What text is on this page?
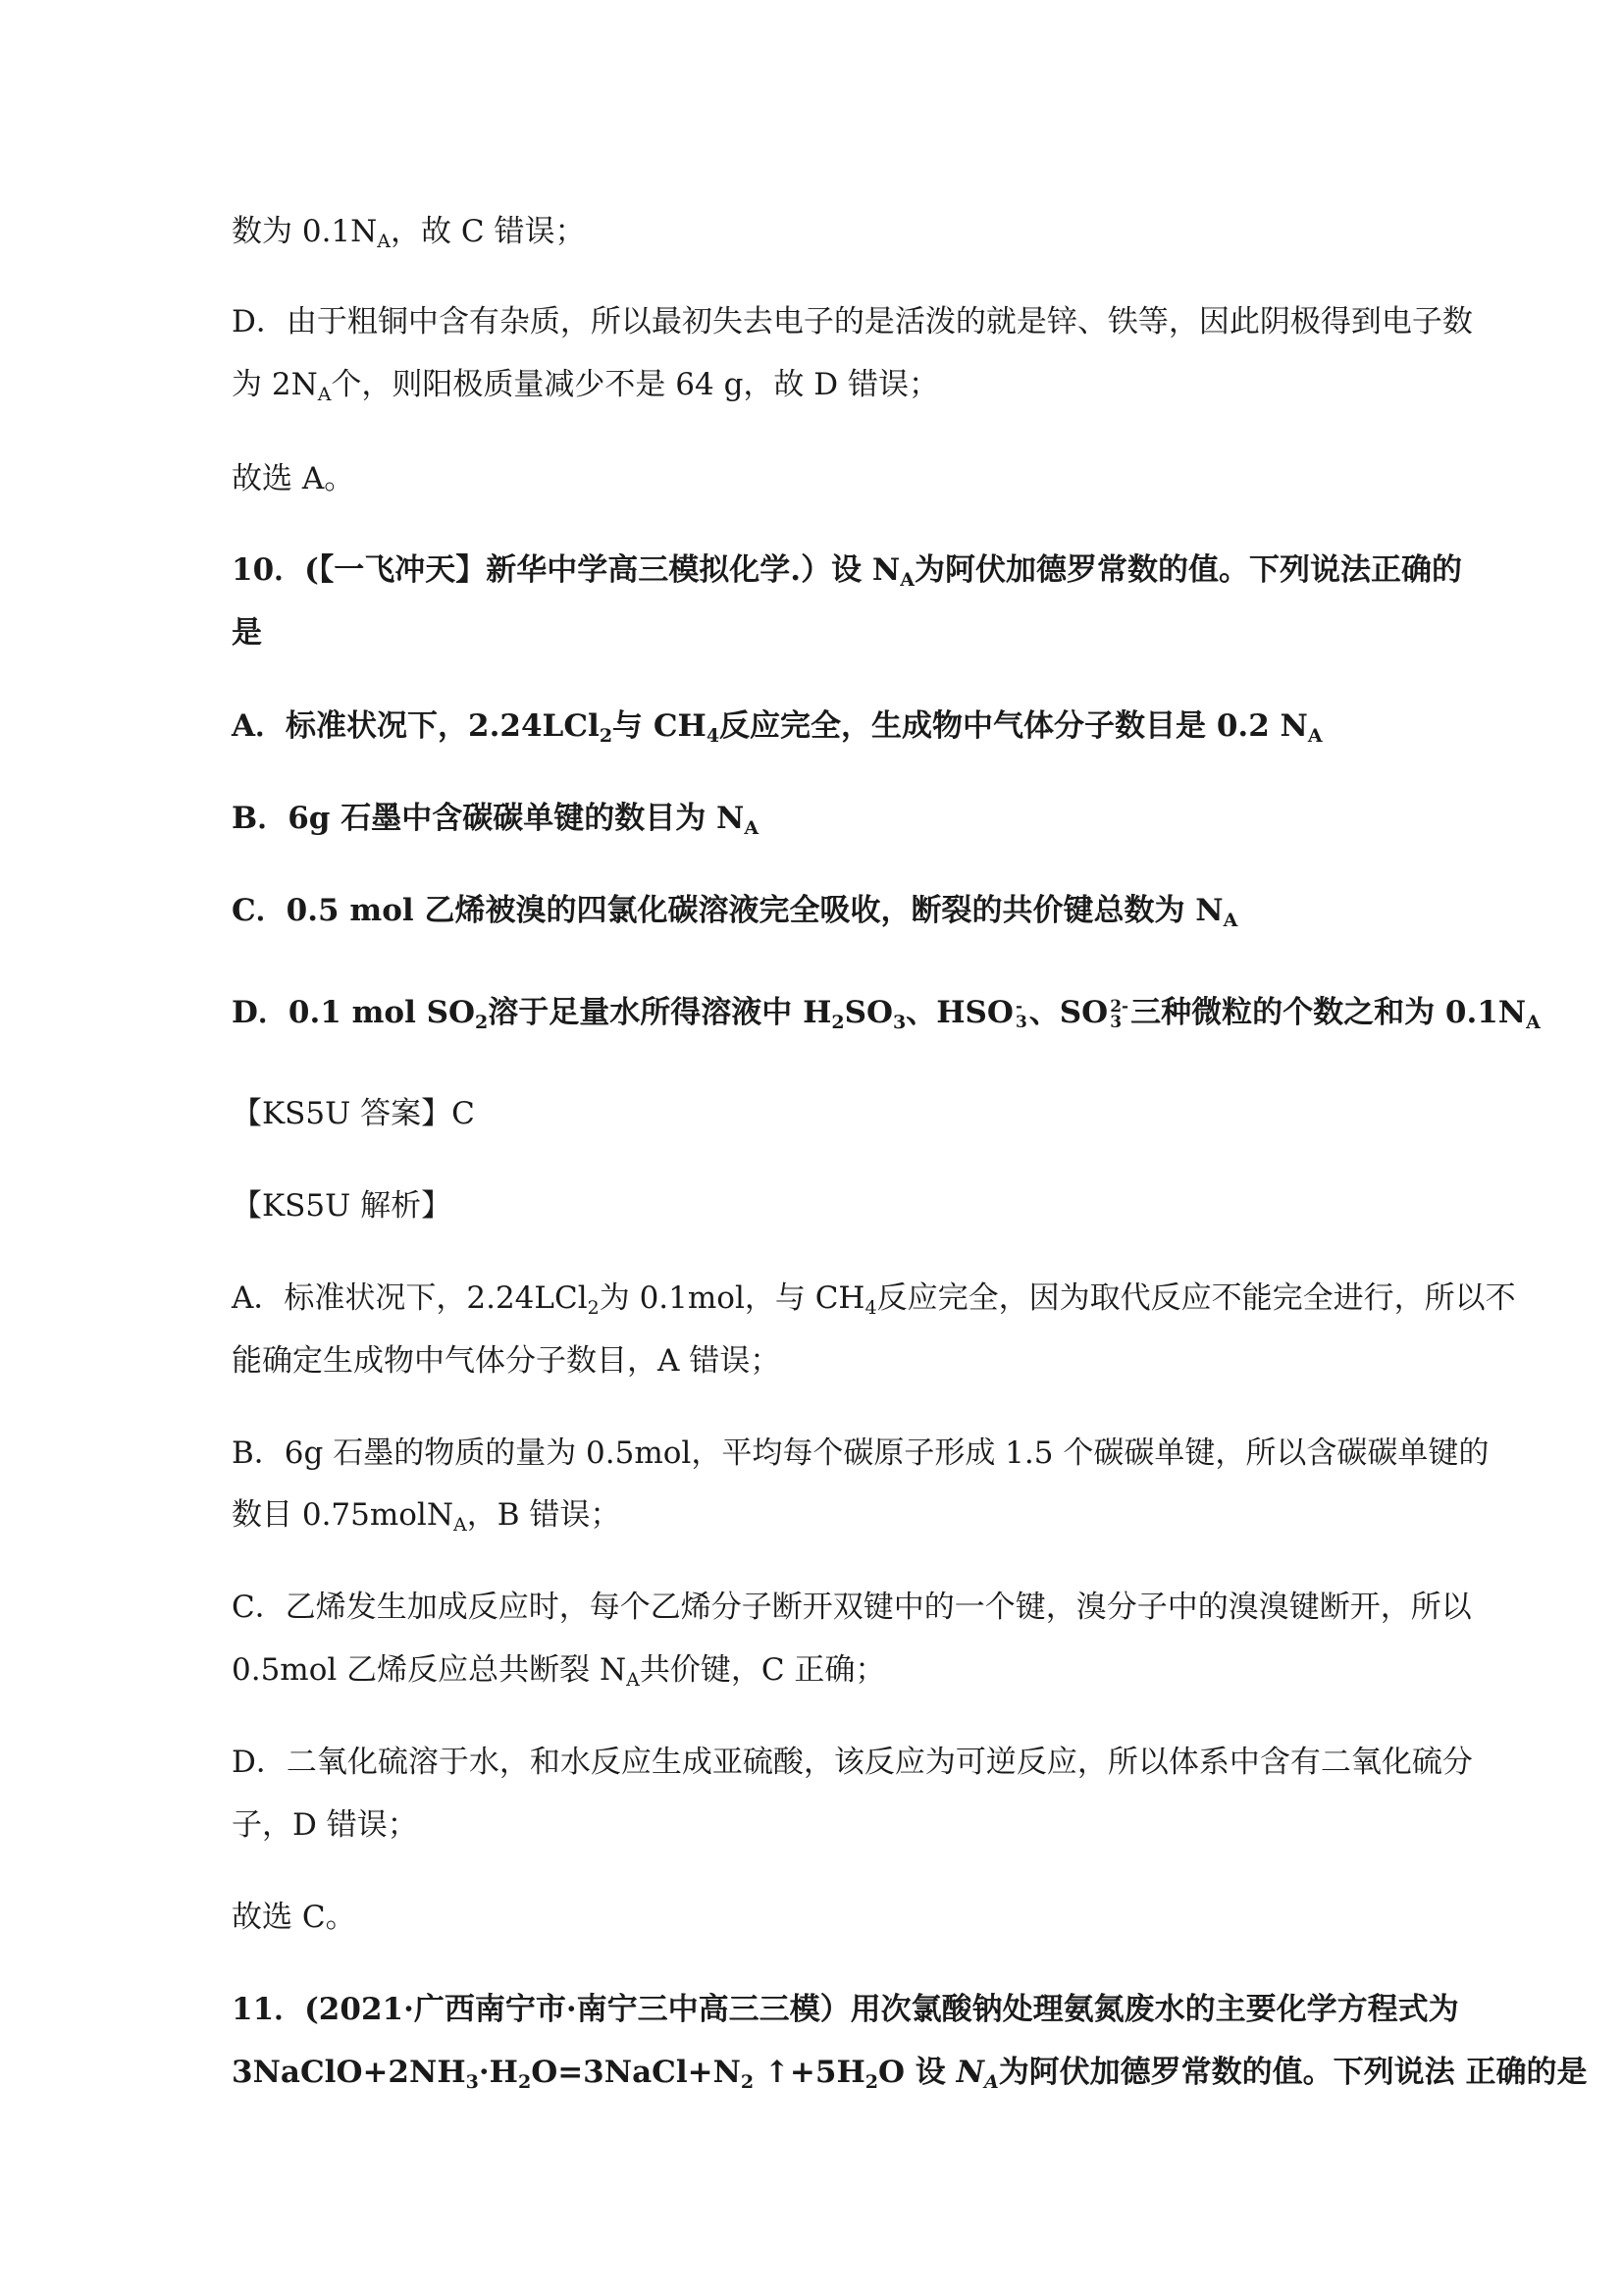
数为 $0.1N_A$，故 C 错误；
D．由于粗铜中含有杂质，所以最初失去电子的是活泼的就是锌、铁等，因此阴极得到电子数
为 $2N_A$个，则阳极质量减少不是 64 g，故 D 错误；
故选 A。
10．(【一飞冲天】新华中学高三模拟化学.）设 $N_A$为阿伏加德罗常数的值。下列说法正确的
是
A．标准状况下，2.24LCl$_2$与 $CH_4$反应完全，生成物中气体分子数目是 0.2 $N_A$
B．6g 石墨中含碳碳单键的数目为 $N_A$
C．0.5 mol 乙烯被溴的四氯化碳溶液完全吸收，断裂的共价键总数为 $N_A$
D．0.1 mol $SO_2$溶于足量水所得溶液中 $H_2SO_3$、HSO -
3 、SO 2-
3 三种微粒的个数之和为 $0.1N_A$
【KS5U 答案】C
【KS5U 解析】
A．标准状况下，2.24LCl$_2$为 0.1mol，与 $CH_4$反应完全，因为取代反应不能完全进行，所以不
能确定生成物中气体分子数目，A 错误；
B．6g 石墨的物质的量为 0.5mol，平均每个碳原子形成 1.5 个碳碳单键，所以含碳碳单键的
数目 0.75molN$_A$，B 错误；
C．乙烯发生加成反应时，每个乙烯分子断开双键中的一个键，溴分子中的溴溴键断开，所以
0.5mol 乙烯反应总共断裂 $N_A$共价键，C 正确；
D．二氧化硫溶于水，和水反应生成亚硫酸，该反应为可逆反应，所以体系中含有二氧化硫分
子，D 错误；
故选 C。
11．(2021·广西南宁市·南宁三中高三三模）用次氯酸钠处理氨氮废水的主要化学方程式为
$3NaClO+2NH_3\cdot H_2O=3NaCl+N_2$ $↑+5H_2O$ 设 $N_A$为阿伏加德罗常数的值。下列说法 正确的是
